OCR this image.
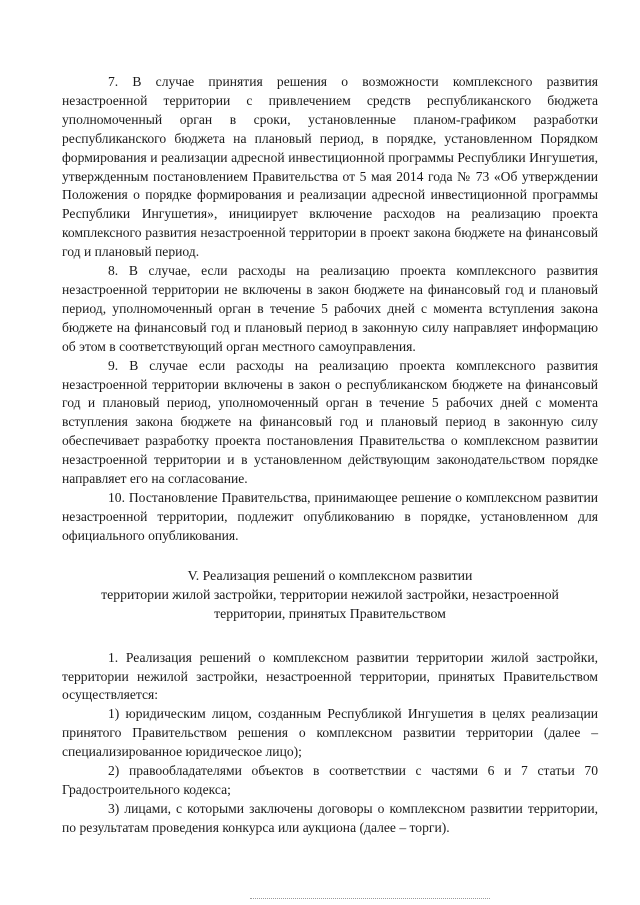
7. В случае принятия решения о возможности комплексного развития незастроенной территории с привлечением средств республиканского бюджета уполномоченный орган в сроки, установленные планом-графиком разработки республиканского бюджета на плановый период, в порядке, установленном Порядком формирования и реализации адресной инвестиционной программы Республики Ингушетия, утвержденным постановлением Правительства от 5 мая 2014 года № 73 «Об утверждении Положения о порядке формирования и реализации адресной инвестиционной программы Республики Ингушетия», инициирует включение расходов на реализацию проекта комплексного развития незастроенной территории в проект закона бюджете на финансовый год и плановый период.

8. В случае, если расходы на реализацию проекта комплексного развития незастроенной территории не включены в закон бюджете на финансовый год и плановый период, уполномоченный орган в течение 5 рабочих дней с момента вступления закона бюджете на финансовый год и плановый период в законную силу направляет информацию об этом в соответствующий орган местного самоуправления.

9. В случае если расходы на реализацию проекта комплексного развития незастроенной территории включены в закон о республиканском бюджете на финансовый год и плановый период, уполномоченный орган в течение 5 рабочих дней с момента вступления закона бюджете на финансовый год и плановый период в законную силу обеспечивает разработку проекта постановления Правительства о комплексном развитии незастроенной территории и в установленном действующим законодательством порядке направляет его на согласование.

10. Постановление Правительства, принимающее решение о комплексном развитии незастроенной территории, подлежит опубликованию в порядке, установленном для официального опубликования.

V. Реализация решений о комплексном развитии
территории жилой застройки, территории нежилой застройки, незастроенной
территории, принятых Правительством

1. Реализация решений о комплексном развитии территории жилой застройки, территории нежилой застройки, незастроенной территории, принятых Правительством осуществляется:

1) юридическим лицом, созданным Республикой Ингушетия в целях реализации принятого Правительством решения о комплексном развитии территории (далее – специализированное юридическое лицо);

2) правообладателями объектов в соответствии с частями 6 и 7 статьи 70 Градостроительного кодекса;

3) лицами, с которыми заключены договоры о комплексном развитии территории, по результатам проведения конкурса или аукциона (далее – торги).
